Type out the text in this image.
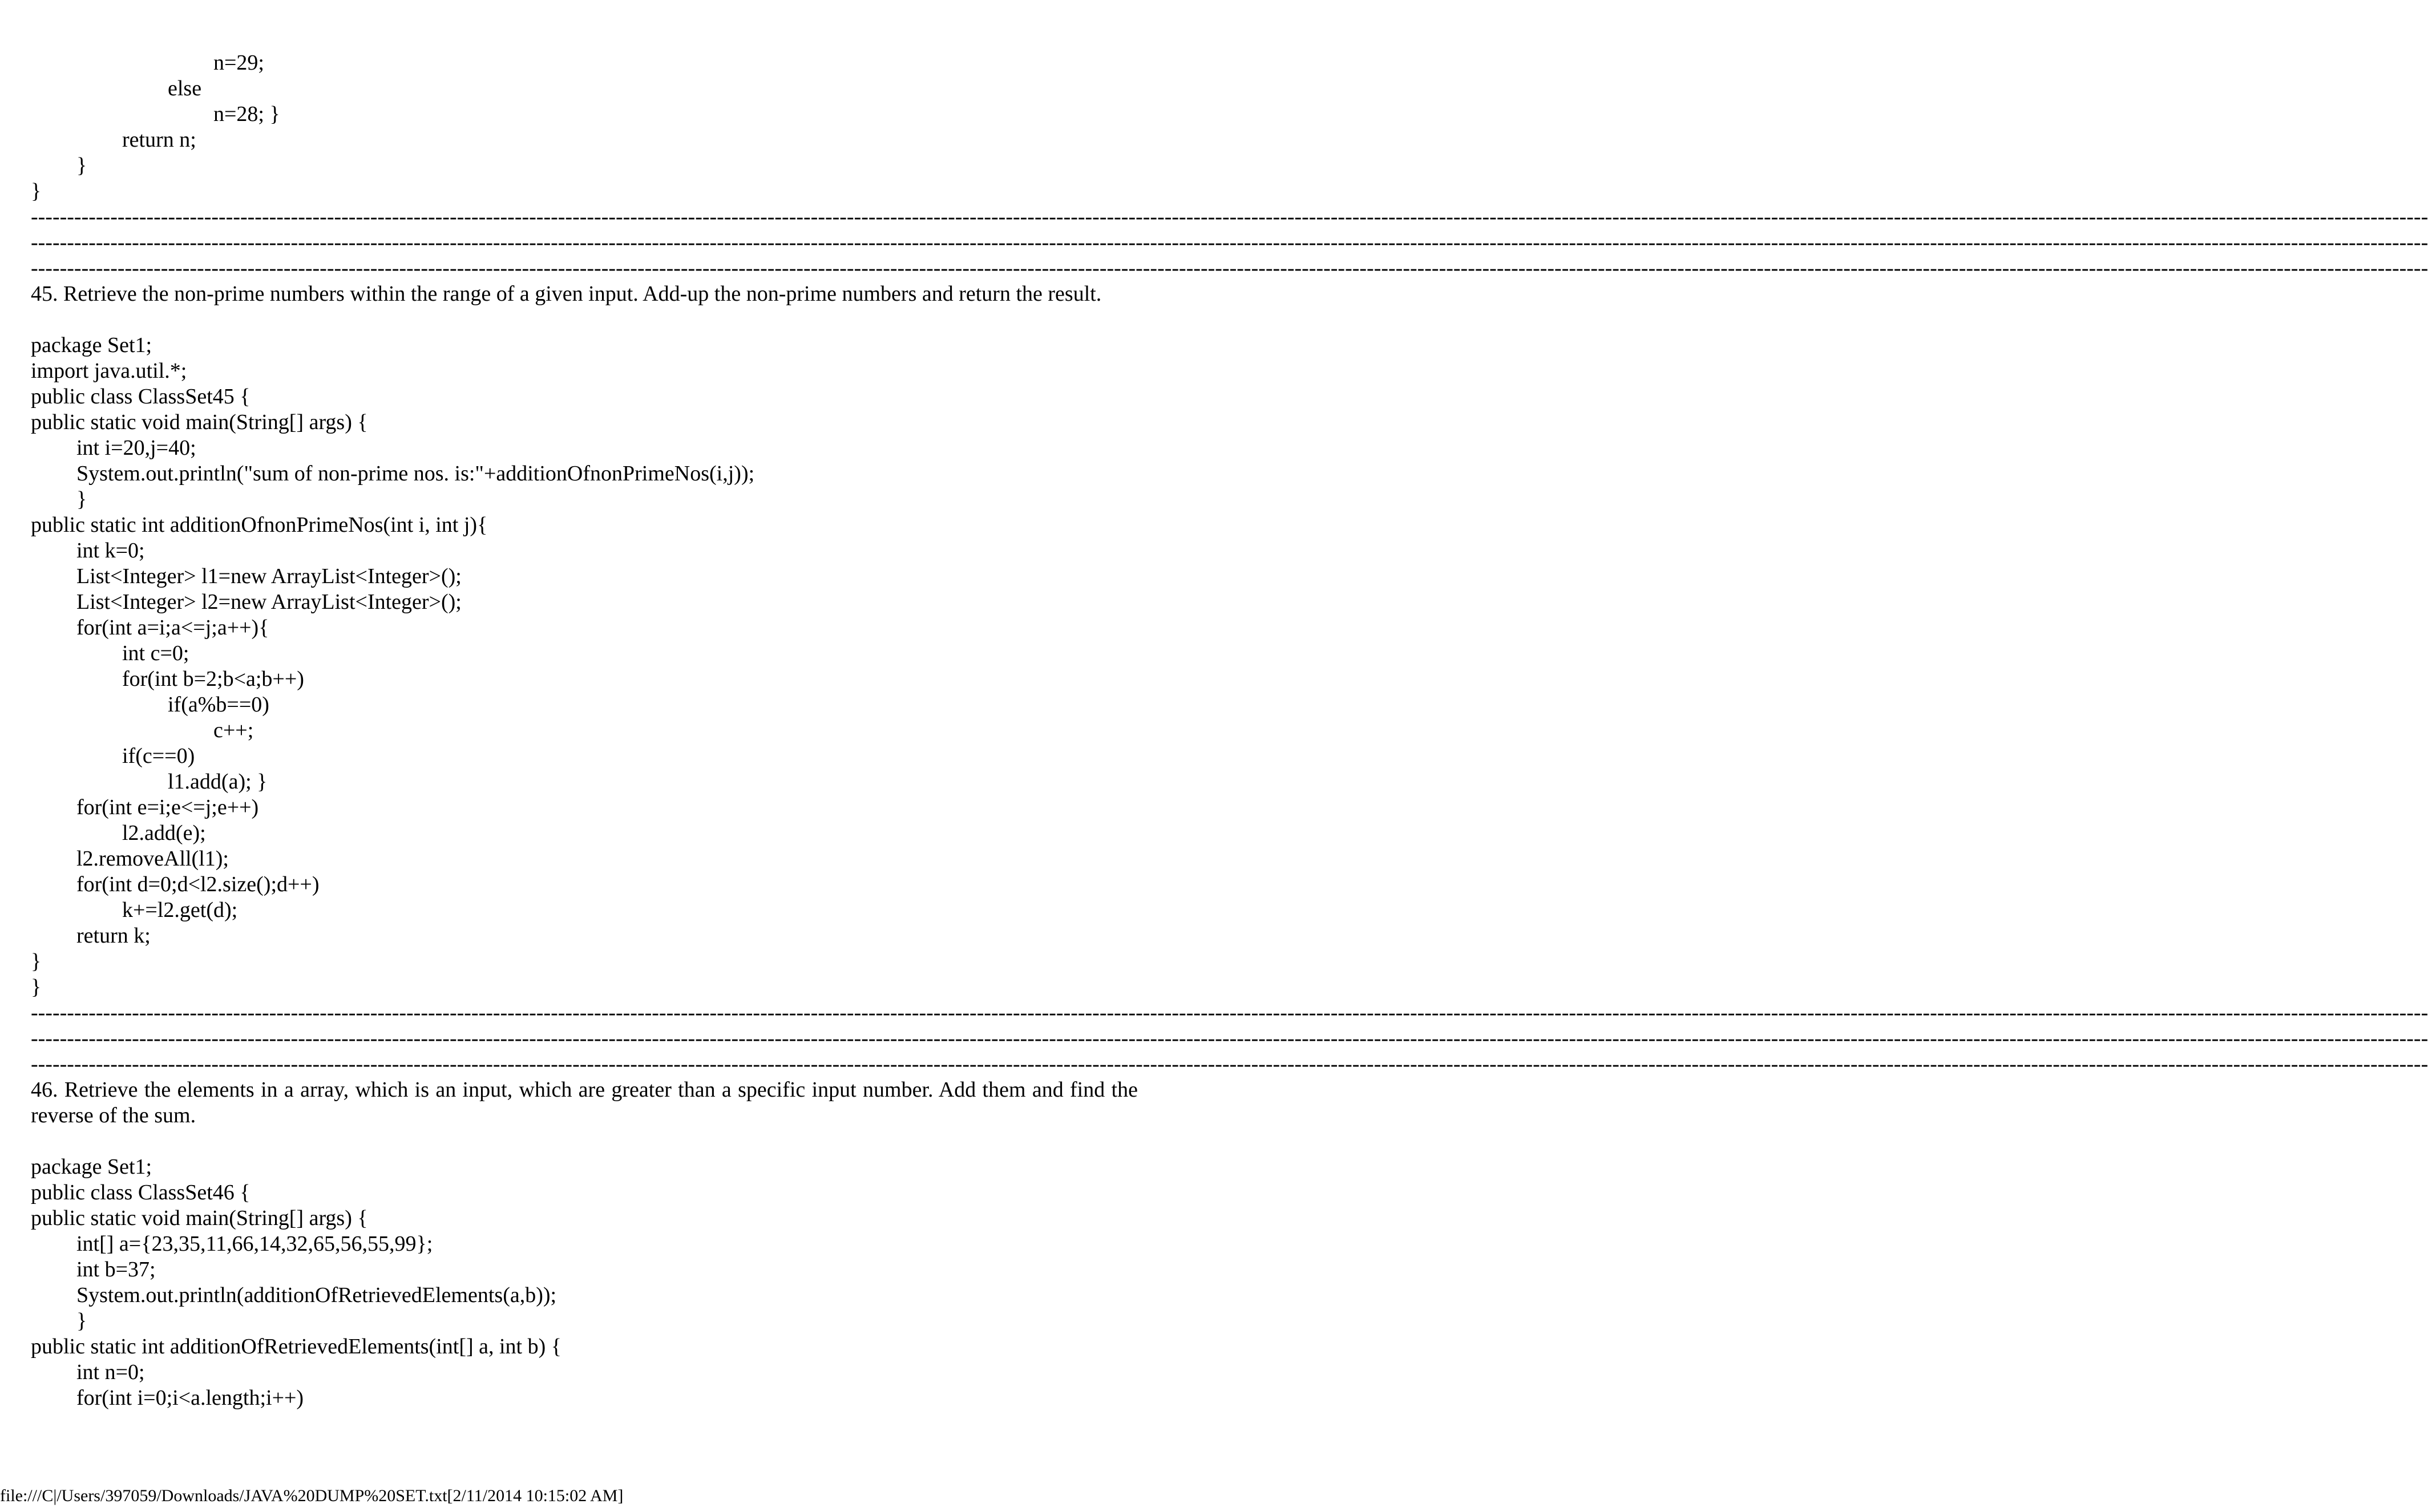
n=29;
else
n=28; }
return n;
}
}
--------------------------------------------------------------------------------------------------------------------------------------------------------------------------------------------------------------------------------------------------------------------------------------------------------------------------------------------
--------------------------------------------------------------------------------------------------------------------------------------------------------------------------------------------------------------------------------------------------------------------------------------------------------------------------------------------
--------------------------------------------------------------------------------------------------------------------------------------------------------------------------------------------------------------------------------------------------------------------------------------------------------------------------------------------
45. Retrieve the non-prime numbers within the range of a given input. Add-up the non-prime numbers and return the result.
package Set1;
import java.util.*;
public class ClassSet45 {
public static void main(String[] args) {
int i=20,j=40;
System.out.println("sum of non-prime nos. is:"+additionOfnonPrimeNos(i,j));
}
public static int additionOfnonPrimeNos(int i, int j){
int k=0;
List<Integer> l1=new ArrayList<Integer>();
List<Integer> l2=new ArrayList<Integer>();
for(int a=i;a<=j;a++){
int c=0;
for(int b=2;b<a;b++)
if(a%b==0)
c++;
if(c==0)
l1.add(a); }
for(int e=i;e<=j;e++)
l2.add(e);
l2.removeAll(l1);
for(int d=0;d<l2.size();d++)
k+=l2.get(d);
return k;
}
}
--------------------------------------------------------------------------------------------------------------------------------------------------------------------------------------------------------------------------------------------------------------------------------------------------------------------------------------------
--------------------------------------------------------------------------------------------------------------------------------------------------------------------------------------------------------------------------------------------------------------------------------------------------------------------------------------------
--------------------------------------------------------------------------------------------------------------------------------------------------------------------------------------------------------------------------------------------------------------------------------------------------------------------------------------------
46. Retrieve the elements in a array, which is an input, which are greater than a specific input number. Add them and find the reverse of the sum.
package Set1;
public class ClassSet46 {
public static void main(String[] args) {
int[] a={23,35,11,66,14,32,65,56,55,99};
int b=37;
System.out.println(additionOfRetrievedElements(a,b));
}
public static int additionOfRetrievedElements(int[] a, int b) {
int n=0;
for(int i=0;i<a.length;i++)
file:///C|/Users/397059/Downloads/JAVA%20DUMP%20SET.txt[2/11/2014 10:15:02 AM]
